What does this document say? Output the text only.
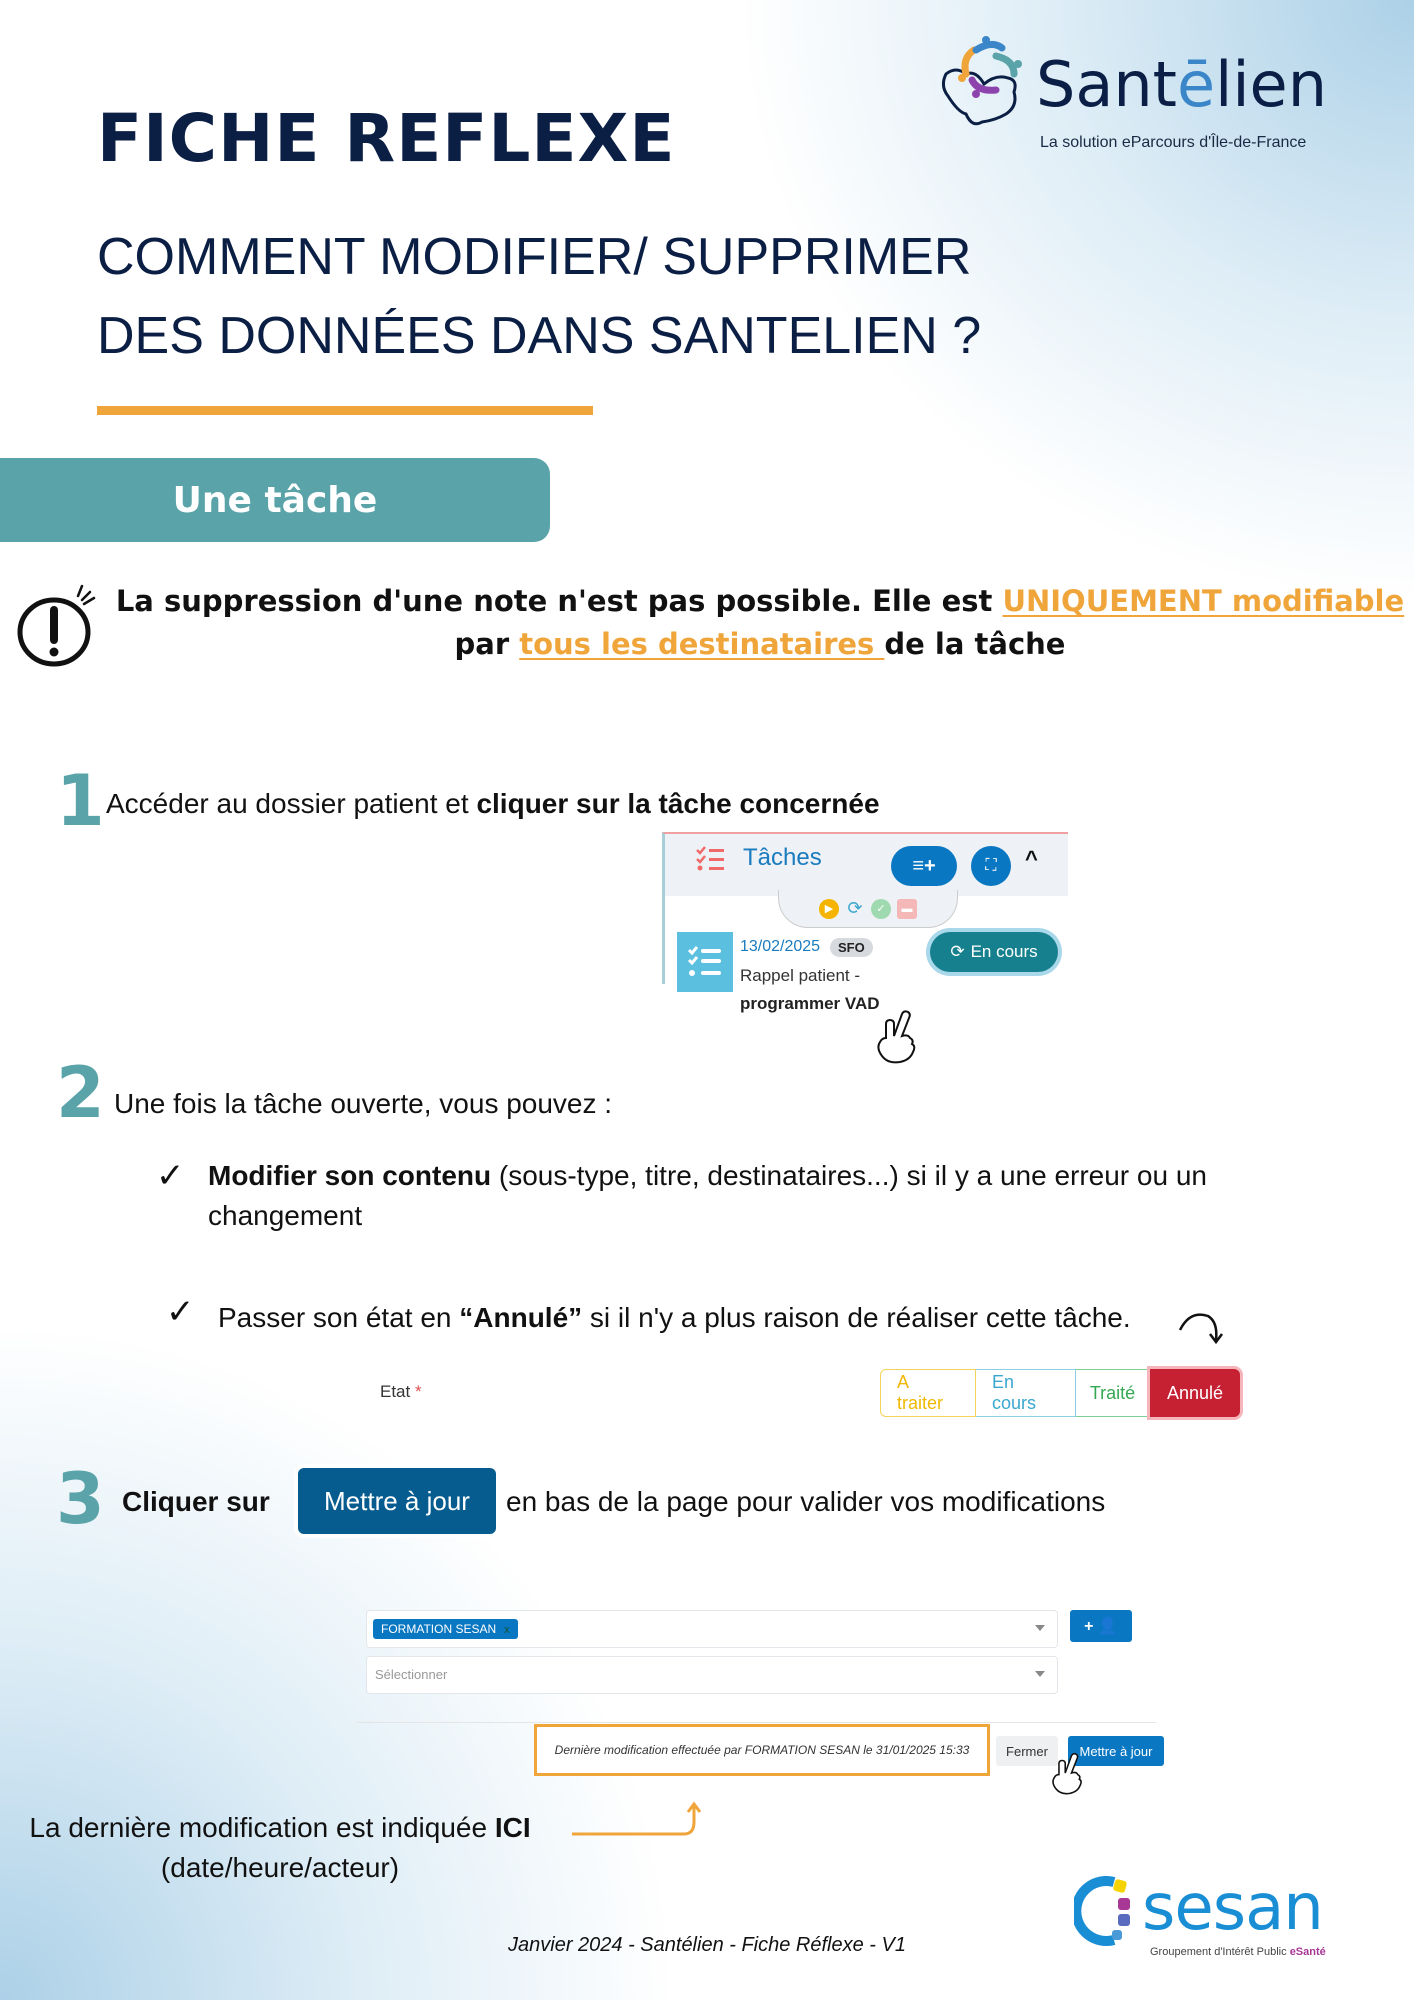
Santēlien
La solution eParcours d'Île-de-France
FICHE REFLEXE
COMMENT MODIFIER/ SUPPRIMER
DES DONNÉES DANS SANTELIEN ?
Une tâche
La suppression d'une note n'est pas possible. Elle est UNIQUEMENT modifiable
par tous les destinataires de la tâche
1 Accéder au dossier patient et cliquer sur la tâche concernée
Tâches	≡+	⛶ ^
▶ ⟳	✓	▬
13/02/2025	SFO
Rappel patient -
programmer VAD
⟳ En cours
2 Une fois la tâche ouverte, vous pouvez :
✓ Modifier son contenu (sous-type, titre, destinataires...) si il y a une erreur ou un changement
✓ Passer son état en “Annulé” si il n'y a plus raison de réaliser cette tâche.
Etat *	A traiter
En cours
Traité	Annulé
3 Cliquer sur	Mettre à jour	en bas de la page pour valider vos modifications
FORMATION SESAN x	+ 👤
Sélectionner
Dernière modification effectuée par FORMATION SESAN le 31/01/2025 15:33	Fermer	Mettre à jour
La dernière modification est indiquée ICI
(date/heure/acteur)
sesan
Groupement d'Intérêt Public eSanté
Janvier 2024 - Santélien - Fiche Réflexe - V1
